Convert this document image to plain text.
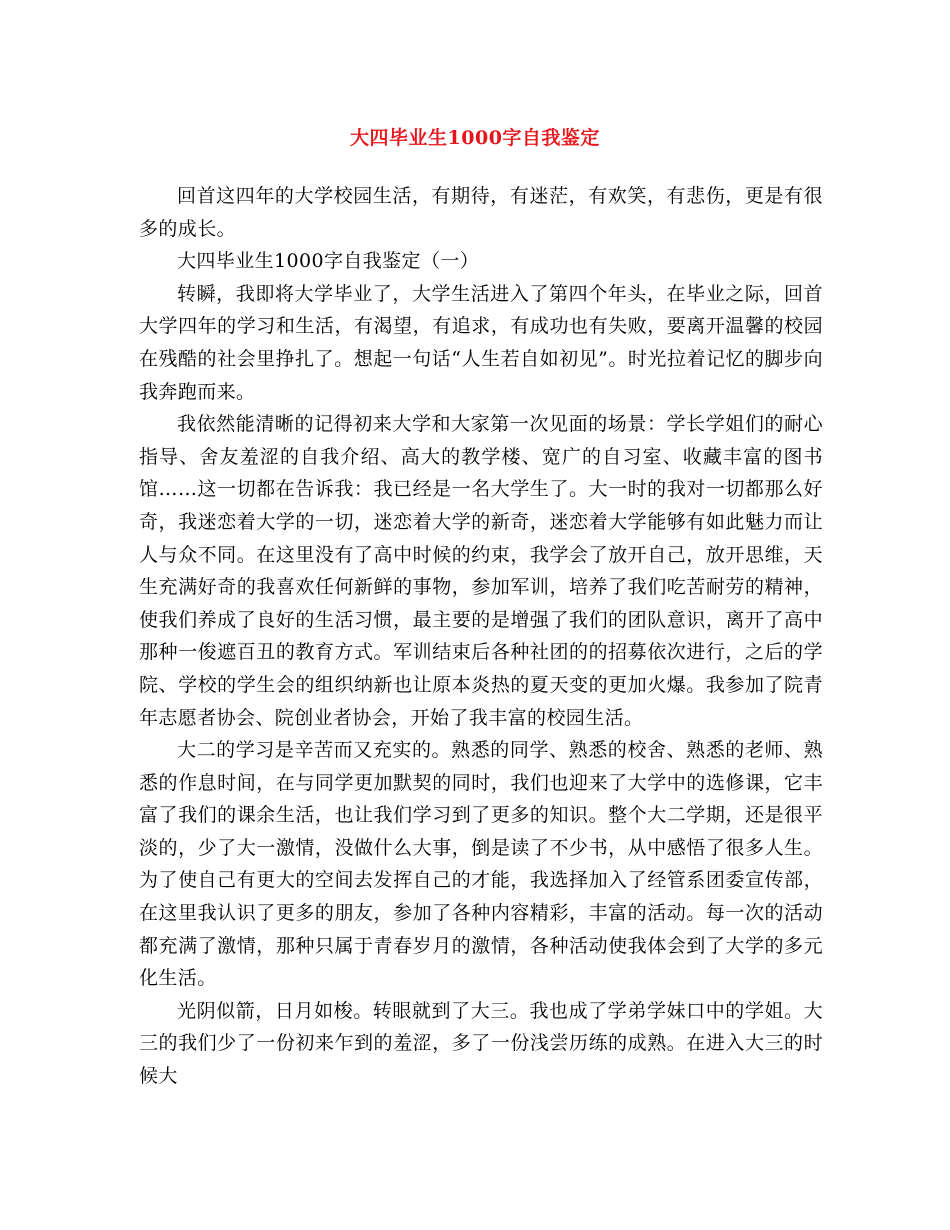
大四毕业生1000字自我鉴定

回首这四年的大学校园生活，有期待，有迷茫，有欢笑，有悲伤，更是有很多的成长。

大四毕业生1000字自我鉴定（一）

转瞬，我即将大学毕业了，大学生活进入了第四个年头，在毕业之际，回首大学四年的学习和生活，有渴望，有追求，有成功也有失败，要离开温馨的校园在残酷的社会里挣扎了。想起一句话“人生若自如初见”。时光拉着记忆的脚步向我奔跑而来。

我依然能清晰的记得初来大学和大家第一次见面的场景：学长学姐们的耐心指导、舍友羞涩的自我介绍、高大的教学楼、宽广的自习室、收藏丰富的图书馆……这一切都在告诉我：我已经是一名大学生了。大一时的我对一切都那么好奇，我迷恋着大学的一切，迷恋着大学的新奇，迷恋着大学能够有如此魅力而让人与众不同。在这里没有了高中时候的约束，我学会了放开自己，放开思维，天生充满好奇的我喜欢任何新鲜的事物，参加军训，培养了我们吃苦耐劳的精神，使我们养成了良好的生活习惯，最主要的是增强了我们的团队意识，离开了高中那种一俊遮百丑的教育方式。军训结束后各种社团的的招募依次进行，之后的学院、学校的学生会的组织纳新也让原本炎热的夏天变的更加火爆。我参加了院青年志愿者协会、院创业者协会，开始了我丰富的校园生活。

大二的学习是辛苦而又充实的。熟悉的同学、熟悉的校舍、熟悉的老师、熟悉的作息时间，在与同学更加默契的同时，我们也迎来了大学中的选修课，它丰富了我们的课余生活，也让我们学习到了更多的知识。整个大二学期，还是很平淡的，少了大一激情，没做什么大事，倒是读了不少书，从中感悟了很多人生。为了使自己有更大的空间去发挥自己的才能，我选择加入了经管系团委宣传部，在这里我认识了更多的朋友，参加了各种内容精彩，丰富的活动。每一次的活动都充满了激情，那种只属于青春岁月的激情，各种活动使我体会到了大学的多元化生活。

光阴似箭，日月如梭。转眼就到了大三。我也成了学弟学妹口中的学姐。大三的我们少了一份初来乍到的羞涩，多了一份浅尝历练的成熟。在进入大三的时候大
